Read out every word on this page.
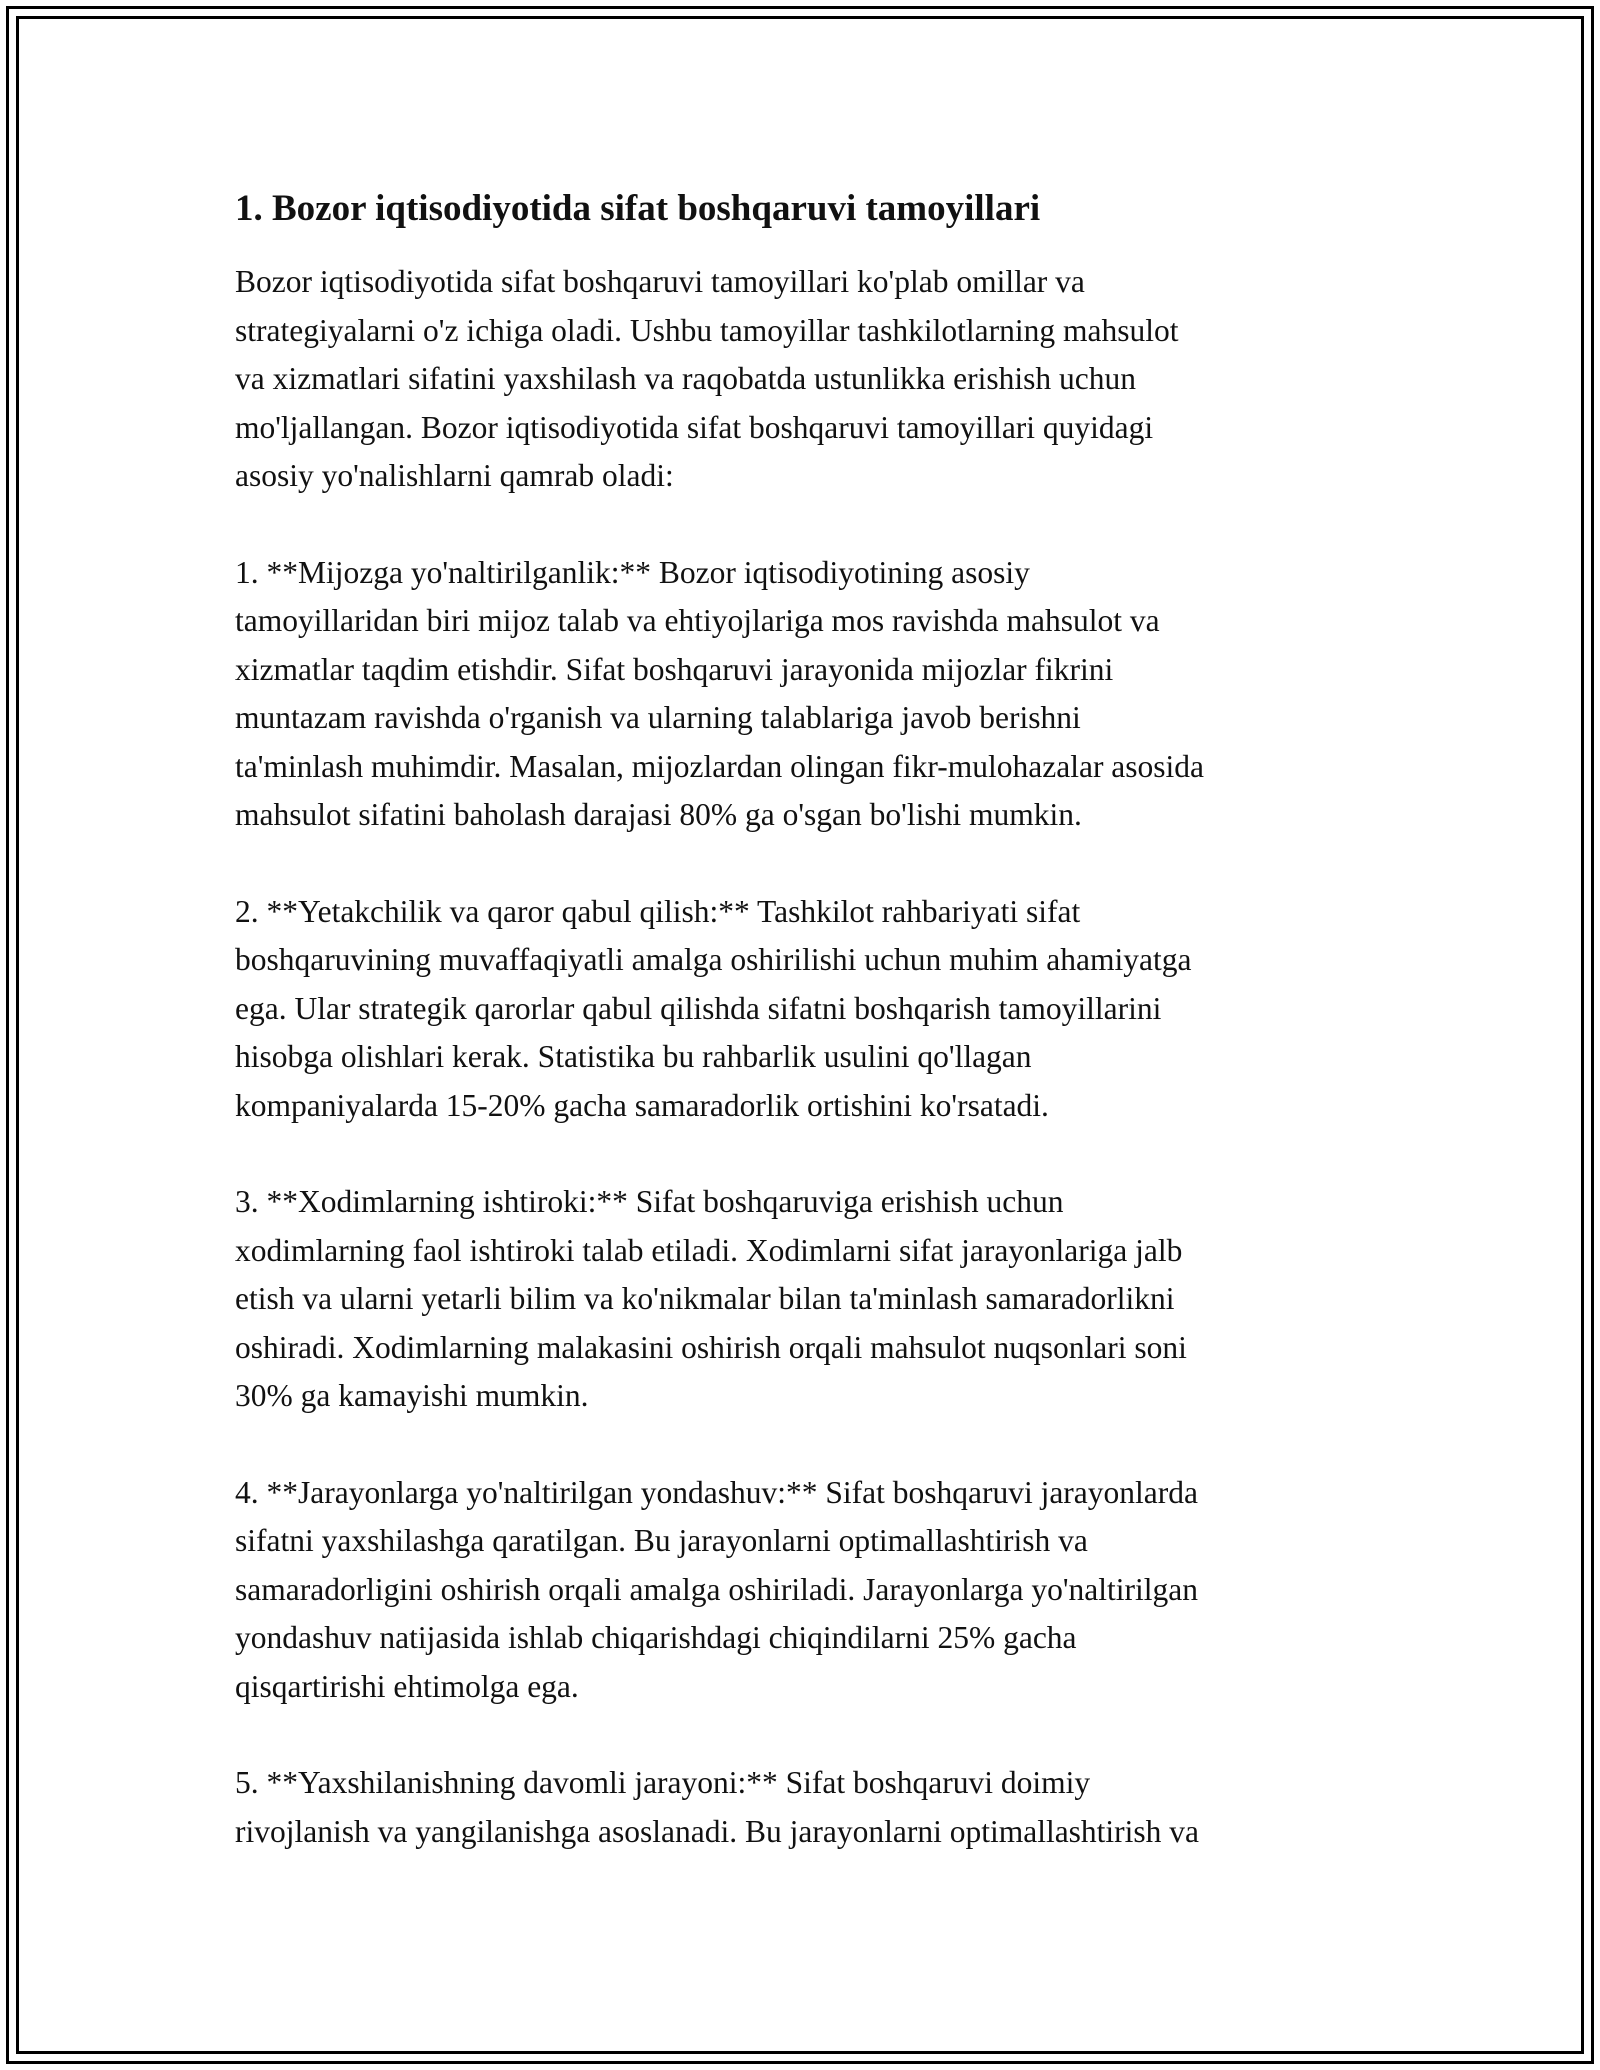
1. Bozor iqtisodiyotida sifat boshqaruvi tamoyillari

Bozor iqtisodiyotida sifat boshqaruvi tamoyillari ko'plab omillar va
strategiyalarni o'z ichiga oladi. Ushbu tamoyillar tashkilotlarning mahsulot
va xizmatlari sifatini yaxshilash va raqobatda ustunlikka erishish uchun
mo'ljallangan. Bozor iqtisodiyotida sifat boshqaruvi tamoyillari quyidagi
asosiy yo'nalishlarni qamrab oladi:

1. **Mijozga yo'naltirilganlik:** Bozor iqtisodiyotining asosiy
tamoyillaridan biri mijoz talab va ehtiyojlariga mos ravishda mahsulot va
xizmatlar taqdim etishdir. Sifat boshqaruvi jarayonida mijozlar fikrini
muntazam ravishda o'rganish va ularning talablariga javob berishni
ta'minlash muhimdir. Masalan, mijozlardan olingan fikr-mulohazalar asosida
mahsulot sifatini baholash darajasi 80% ga o'sgan bo'lishi mumkin.

2. **Yetakchilik va qaror qabul qilish:** Tashkilot rahbariyati sifat
boshqaruvining muvaffaqiyatli amalga oshirilishi uchun muhim ahamiyatga
ega. Ular strategik qarorlar qabul qilishda sifatni boshqarish tamoyillarini
hisobga olishlari kerak. Statistika bu rahbarlik usulini qo'llagan
kompaniyalarda 15-20% gacha samaradorlik ortishini ko'rsatadi.

3. **Xodimlarning ishtiroki:** Sifat boshqaruviga erishish uchun
xodimlarning faol ishtiroki talab etiladi. Xodimlarni sifat jarayonlariga jalb
etish va ularni yetarli bilim va ko'nikmalar bilan ta'minlash samaradorlikni
oshiradi. Xodimlarning malakasini oshirish orqali mahsulot nuqsonlari soni
30% ga kamayishi mumkin.

4. **Jarayonlarga yo'naltirilgan yondashuv:** Sifat boshqaruvi jarayonlarda
sifatni yaxshilashga qaratilgan. Bu jarayonlarni optimallashtirish va
samaradorligini oshirish orqali amalga oshiriladi. Jarayonlarga yo'naltirilgan
yondashuv natijasida ishlab chiqarishdagi chiqindilarni 25% gacha
qisqartirishi ehtimolga ega.

5. **Yaxshilanishning davomli jarayoni:** Sifat boshqaruvi doimiy
rivojlanish va yangilanishga asoslanadi. Bu jarayonlarni optimallashtirish va
